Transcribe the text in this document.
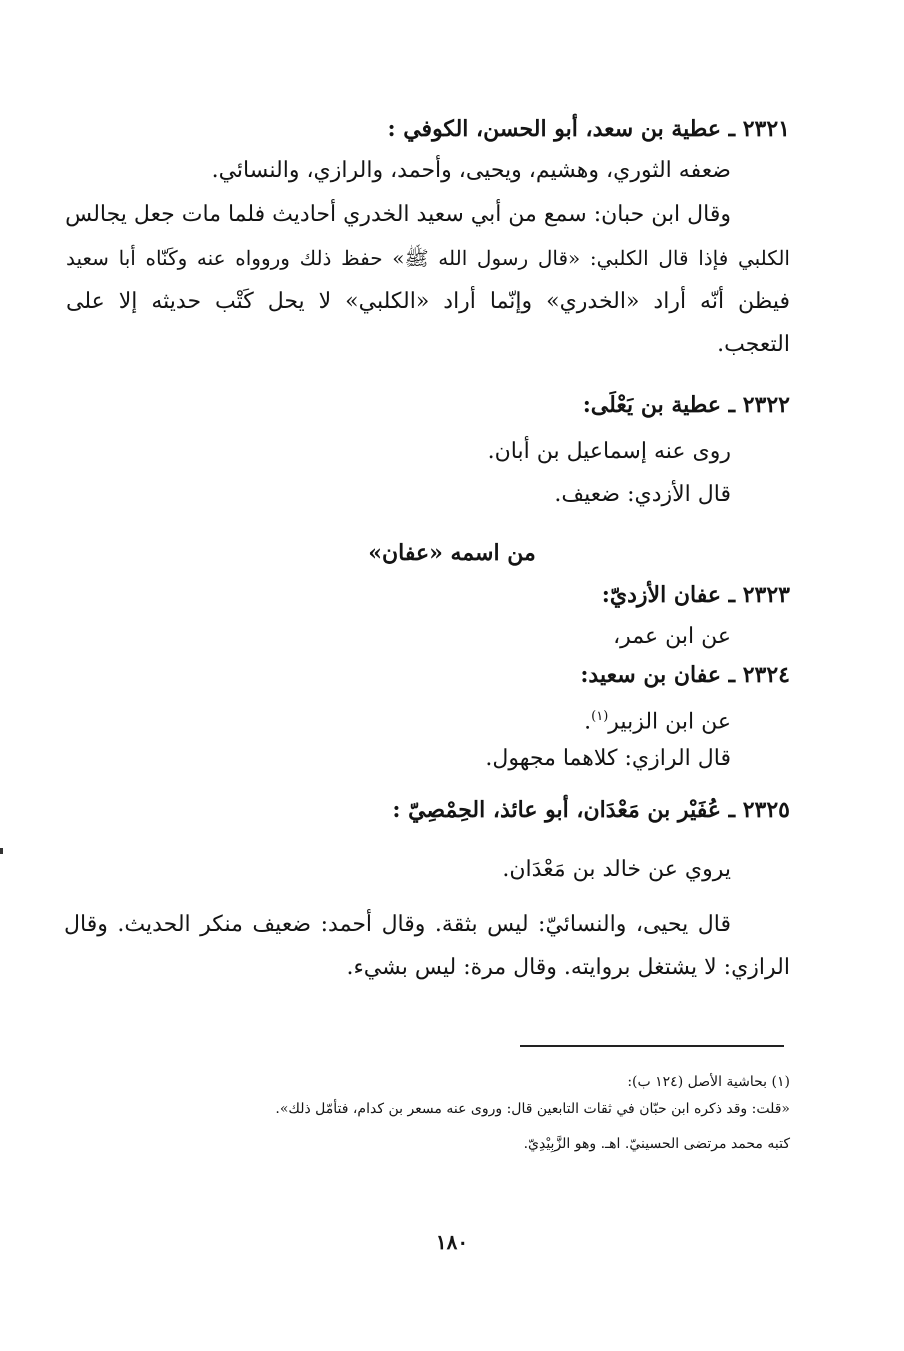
٢٣٢١ ـ عطية بن سعد، أبو الحسن، الكوفي :
ضعفه الثوري، وهشيم، ويحيى، وأحمد، والرازي، والنسائي.
وقال ابن حبان: سمع من أبي سعيد الخدري أحاديث فلما مات جعل يجالس
الكلبي فإذا قال الكلبي: «قال رسول الله ﷺ» حفظ ذلك وروواه عنه وكَنّاه أبا سعيد
فيظن أنّه أراد «الخدري» وإنّما أراد «الكلبي» لا يحل كَتْب حديثه إلا على
التعجب.
٢٣٢٢ ـ عطية بن يَعْلَى:
روى عنه إسماعيل بن أبان.
قال الأزدي: ضعيف.
من اسمه «عفان»
٢٣٢٣ ـ عفان الأزديّ:
عن ابن عمر،
٢٣٢٤ ـ عفان بن سعيد:
عن ابن الزبير$^{(١)}$.
قال الرازي: كلاهما مجهول.
٢٣٢٥ ـ عُفَيْر بن مَعْدَان، أبو عائذ، الحِمْصِيّ :
يروي عن خالد بن مَعْدَان.
قال يحيى، والنسائيّ: ليس بثقة. وقال أحمد: ضعيف منكر الحديث. وقال
الرازي: لا يشتغل بروايته. وقال مرة: ليس بشيء.
(١) بحاشية الأصل (١٢٤ ب):
«قلت: وقد ذكره ابن حبّان في ثقات التابعين قال: وروى عنه مسعر بن كدام، فتأمّل ذلك».
كتبه محمد مرتضى الحسينيّ. اهـ. وهو الزَّبِيْدِيّ.
١٨٠
